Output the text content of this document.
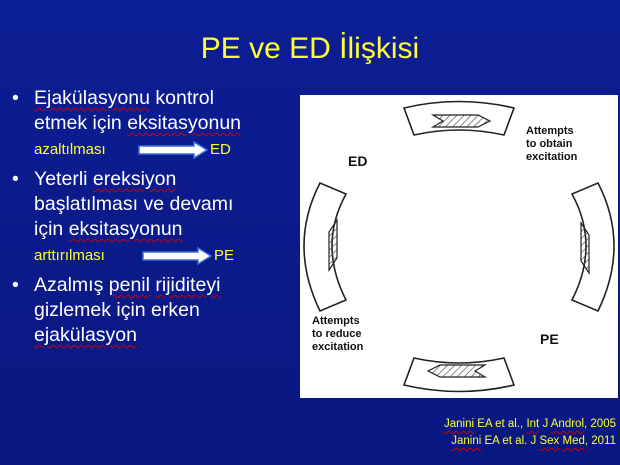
PE ve ED İlişkisi
• Ejakülasyonu kontrol
etmek için eksitasyonun
azaltılması	ED
• Yeterli ereksiyon
başlatılması ve devamı
için eksitasyonun
arttırılması	PE
• Azalmış penil rijiditeyi
gizlemek için erken
ejakülasyon
ED
PE
Attempts
to obtain
excitation
Attempts
to reduce
excitation
Janini EA et al., Int J Androl, 2005
Janini EA et al. J Sex Med, 2011
